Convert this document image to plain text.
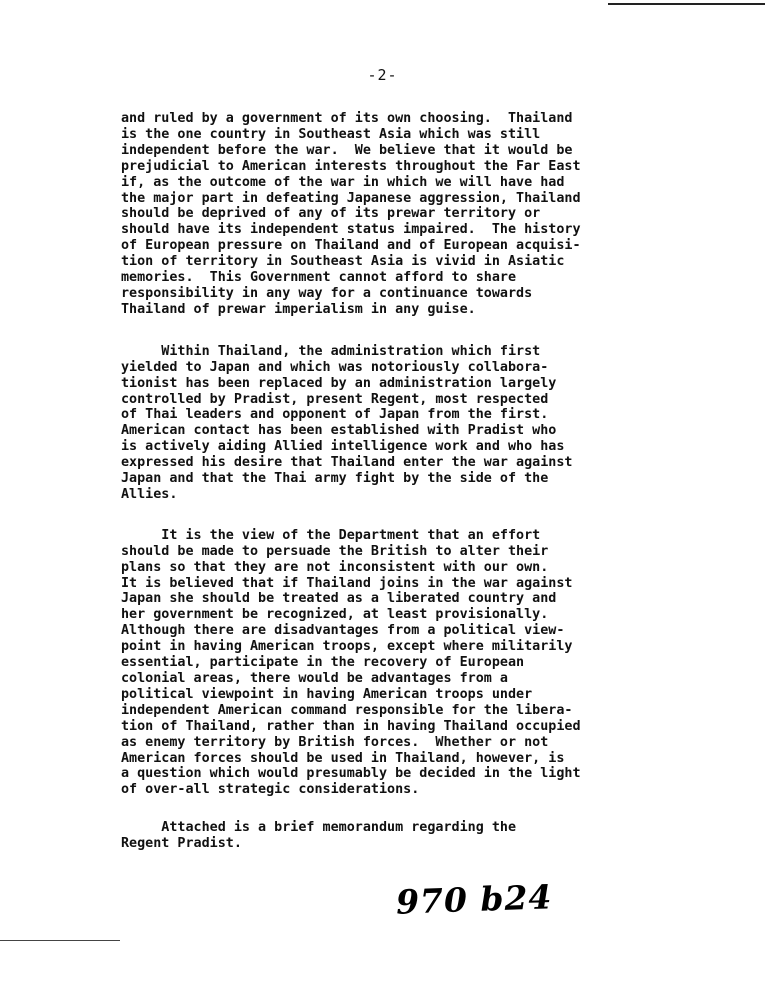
-2-

and ruled by a government of its own choosing.  Thailand
is the one country in Southeast Asia which was still
independent before the war.  We believe that it would be
prejudicial to American interests throughout the Far East
if, as the outcome of the war in which we will have had
the major part in defeating Japanese aggression, Thailand
should be deprived of any of its prewar territory or
should have its independent status impaired.  The history
of European pressure on Thailand and of European acquisi-
tion of territory in Southeast Asia is vivid in Asiatic
memories.  This Government cannot afford to share
responsibility in any way for a continuance towards
Thailand of prewar imperialism in any guise.

Within Thailand, the administration which first
yielded to Japan and which was notoriously collabora-
tionist has been replaced by an administration largely
controlled by Pradist, present Regent, most respected
of Thai leaders and opponent of Japan from the first.
American contact has been established with Pradist who
is actively aiding Allied intelligence work and who has
expressed his desire that Thailand enter the war against
Japan and that the Thai army fight by the side of the
Allies.

It is the view of the Department that an effort
should be made to persuade the British to alter their
plans so that they are not inconsistent with our own.
It is believed that if Thailand joins in the war against
Japan she should be treated as a liberated country and
her government be recognized, at least provisionally.
Although there are disadvantages from a political view-
point in having American troops, except where militarily
essential, participate in the recovery of European
colonial areas, there would be advantages from a
political viewpoint in having American troops under
independent American command responsible for the libera-
tion of Thailand, rather than in having Thailand occupied
as enemy territory by British forces.  Whether or not
American forces should be used in Thailand, however, is
a question which would presumably be decided in the light
of over-all strategic considerations.

Attached is a brief memorandum regarding the
Regent Pradist.

970 b24
